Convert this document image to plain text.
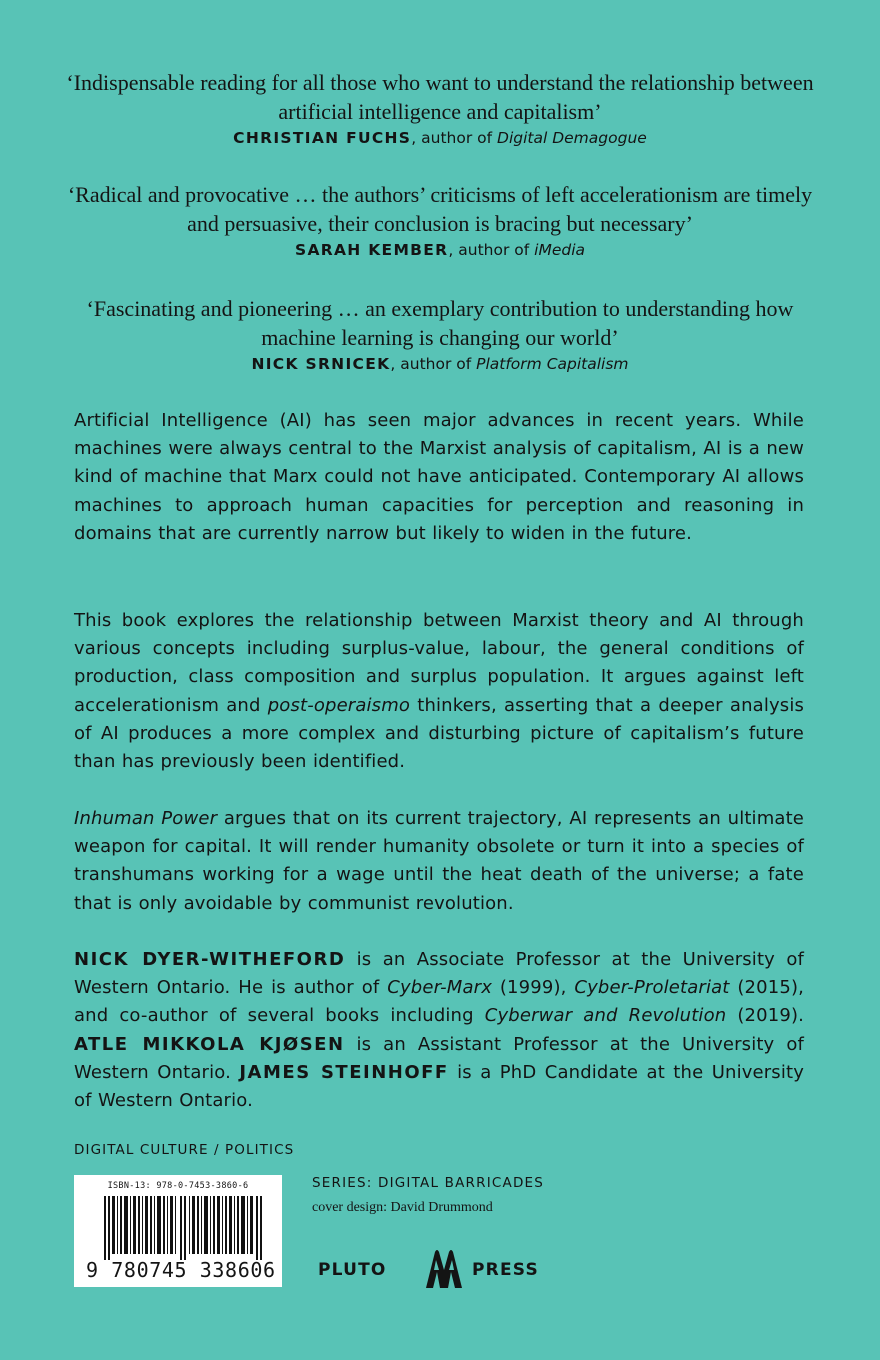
‘Indispensable reading for all those who want to understand the relationship between artificial intelligence and capitalism’

CHRISTIAN FUCHS, author of Digital Demagogue

‘Radical and provocative … the authors’ criticisms of left accelerationism are timely and persuasive, their conclusion is bracing but necessary’

SARAH KEMBER, author of iMedia

‘Fascinating and pioneering … an exemplary contribution to understanding how machine learning is changing our world’

NICK SRNICEK, author of Platform Capitalism

Artificial Intelligence (AI) has seen major advances in recent years. While machines were always central to the Marxist analysis of capitalism, AI is a new kind of machine that Marx could not have anticipated. Contemporary AI allows machines to approach human capacities for perception and reasoning in domains that are currently narrow but likely to widen in the future.

This book explores the relationship between Marxist theory and AI through various concepts including surplus-value, labour, the general conditions of production, class composition and surplus population. It argues against left accelerationism and post-operaismo thinkers, asserting that a deeper analysis of AI produces a more complex and disturbing picture of capitalism’s future than has previously been identified.

Inhuman Power argues that on its current trajectory, AI represents an ultimate weapon for capital. It will render humanity obsolete or turn it into a species of transhumans working for a wage until the heat death of the universe; a fate that is only avoidable by communist revolution.

NICK DYER-WITHEFORD is an Associate Professor at the University of Western Ontario. He is author of Cyber-Marx (1999), Cyber-Proletariat (2015), and co-author of several books including Cyberwar and Revolution (2019). ATLE MIKKOLA KJØSEN is an Assistant Professor at the University of Western Ontario. JAMES STEINHOFF is a PhD Candidate at the University of Western Ontario.

DIGITAL CULTURE / POLITICS
ISBN-13: 978-0-7453-3860-6
9 780745 338606
SERIES: DIGITAL BARRICADES
cover design: David Drummond
PLUTO	PRESS
